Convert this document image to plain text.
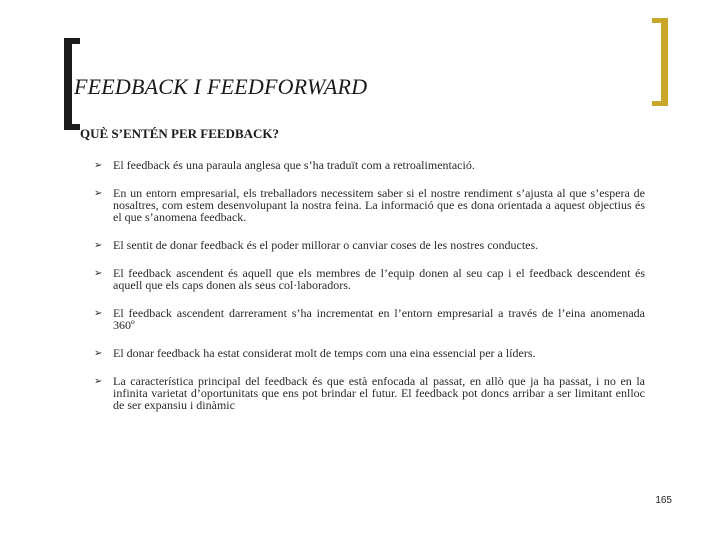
FEEDBACK I FEEDFORWARD
QUÈ S’ENTÉN PER FEEDBACK?
➢ El feedback és una paraula anglesa que s’ha traduït com a retroalimentació.
➢ En un entorn empresarial, els treballadors necessitem saber si el nostre rendiment s’ajusta al que s’espera de nosaltres, com estem desenvolupant la nostra feina. La informació que es dona orientada a aquest objectius és el que s’anomena feedback.
➢ El sentit de donar feedback és el poder millorar o canviar coses de les nostres conductes.
➢ El feedback ascendent és aquell que els membres de l’equip donen al seu cap i el feedback descendent és aquell que els caps donen als seus col·laboradors.
➢ El feedback ascendent darrerament s’ha incrementat en l’entorn empresarial a través de l’eina anomenada 360º
➢ El donar feedback ha estat considerat molt de temps com una eina essencial per a líders.
➢ La característica principal del feedback és que està enfocada al passat, en allò que ja ha passat, i no en la infinita varietat d’oportunitats que ens pot brindar el futur. El feedback pot doncs arribar a ser limitant enlloc de ser expansiu i dinàmic
165
